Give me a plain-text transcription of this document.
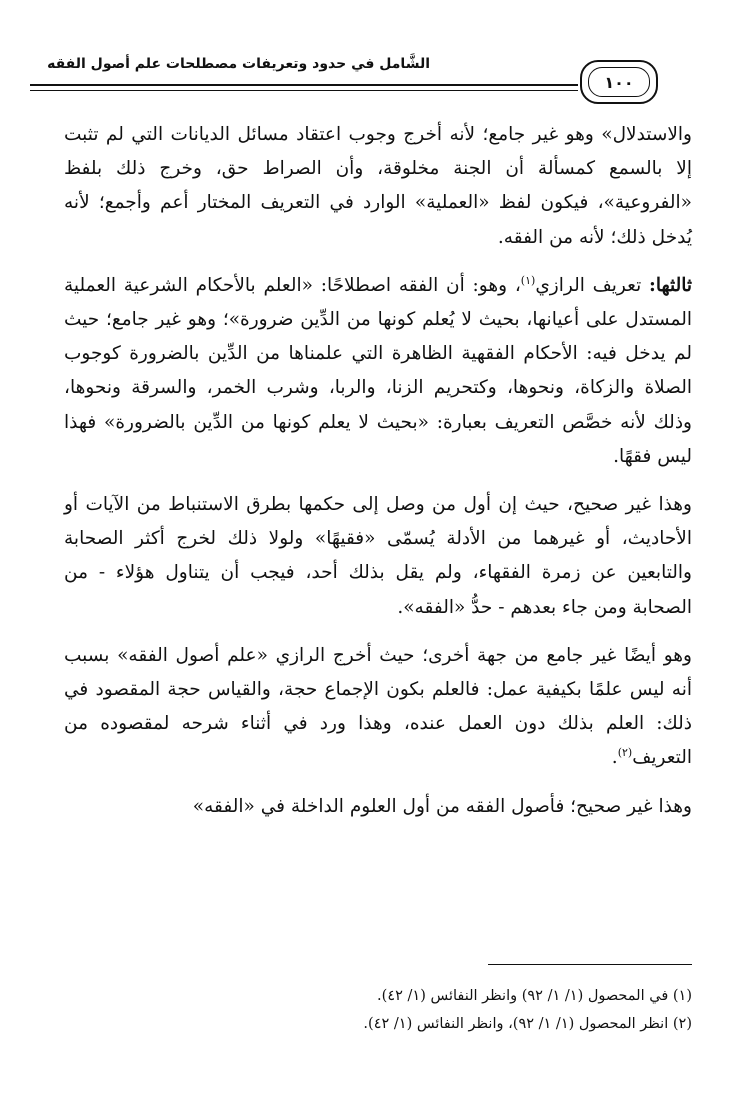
الشَّامل في حدود وتعريفات مصطلحات علم أصول الفقه
١٠٠

والاستدلال» وهو غير جامع؛ لأنه أخرج وجوب اعتقاد مسائل الديانات التي لم تثبت إلا بالسمع كمسألة أن الجنة مخلوقة، وأن الصراط حق، وخرج ذلك بلفظ «الفروعية»، فيكون لفظ «العملية» الوارد في التعريف المختار أعم وأجمع؛ لأنه يُدخل ذلك؛ لأنه من الفقه.

ثالثها: تعريف الرازي$^{(١)}$، وهو: أن الفقه اصطلاحًا: «العلم بالأحكام الشرعية العملية المستدل على أعيانها، بحيث لا يُعلم كونها من الدِّين ضرورة»؛ وهو غير جامع؛ حيث لم يدخل فيه: الأحكام الفقهية الظاهرة التي علمناها من الدِّين بالضرورة كوجوب الصلاة والزكاة، ونحوها، وكتحريم الزنا، والربا، وشرب الخمر، والسرقة ونحوها، وذلك لأنه خصَّص التعريف بعبارة: «بحيث لا يعلم كونها من الدِّين بالضرورة» فهذا ليس فقهًا.

وهذا غير صحيح، حيث إن أول من وصل إلى حكمها بطرق الاستنباط من الآيات أو الأحاديث، أو غيرهما من الأدلة يُسمّى «فقيهًا» ولولا ذلك لخرج أكثر الصحابة والتابعين عن زمرة الفقهاء، ولم يقل بذلك أحد، فيجب أن يتناول هؤلاء - من الصحابة ومن جاء بعدهم - حدُّ «الفقه».

وهو أيضًا غير جامع من جهة أخرى؛ حيث أخرج الرازي «علم أصول الفقه» بسبب أنه ليس علمًا بكيفية عمل: فالعلم بكون الإجماع حجة، والقياس حجة المقصود في ذلك: العلم بذلك دون العمل عنده، وهذا ورد في أثناء شرحه لمقصوده من التعريف$^{(٢)}$.

وهذا غير صحيح؛ فأصول الفقه من أول العلوم الداخلة في «الفقه»

(١) في المحصول (١/ ١/ ٩٢) وانظر النفائس (١/ ٤٢).

(٢) انظر المحصول (١/ ١/ ٩٢)، وانظر النفائس (١/ ٤٢).
